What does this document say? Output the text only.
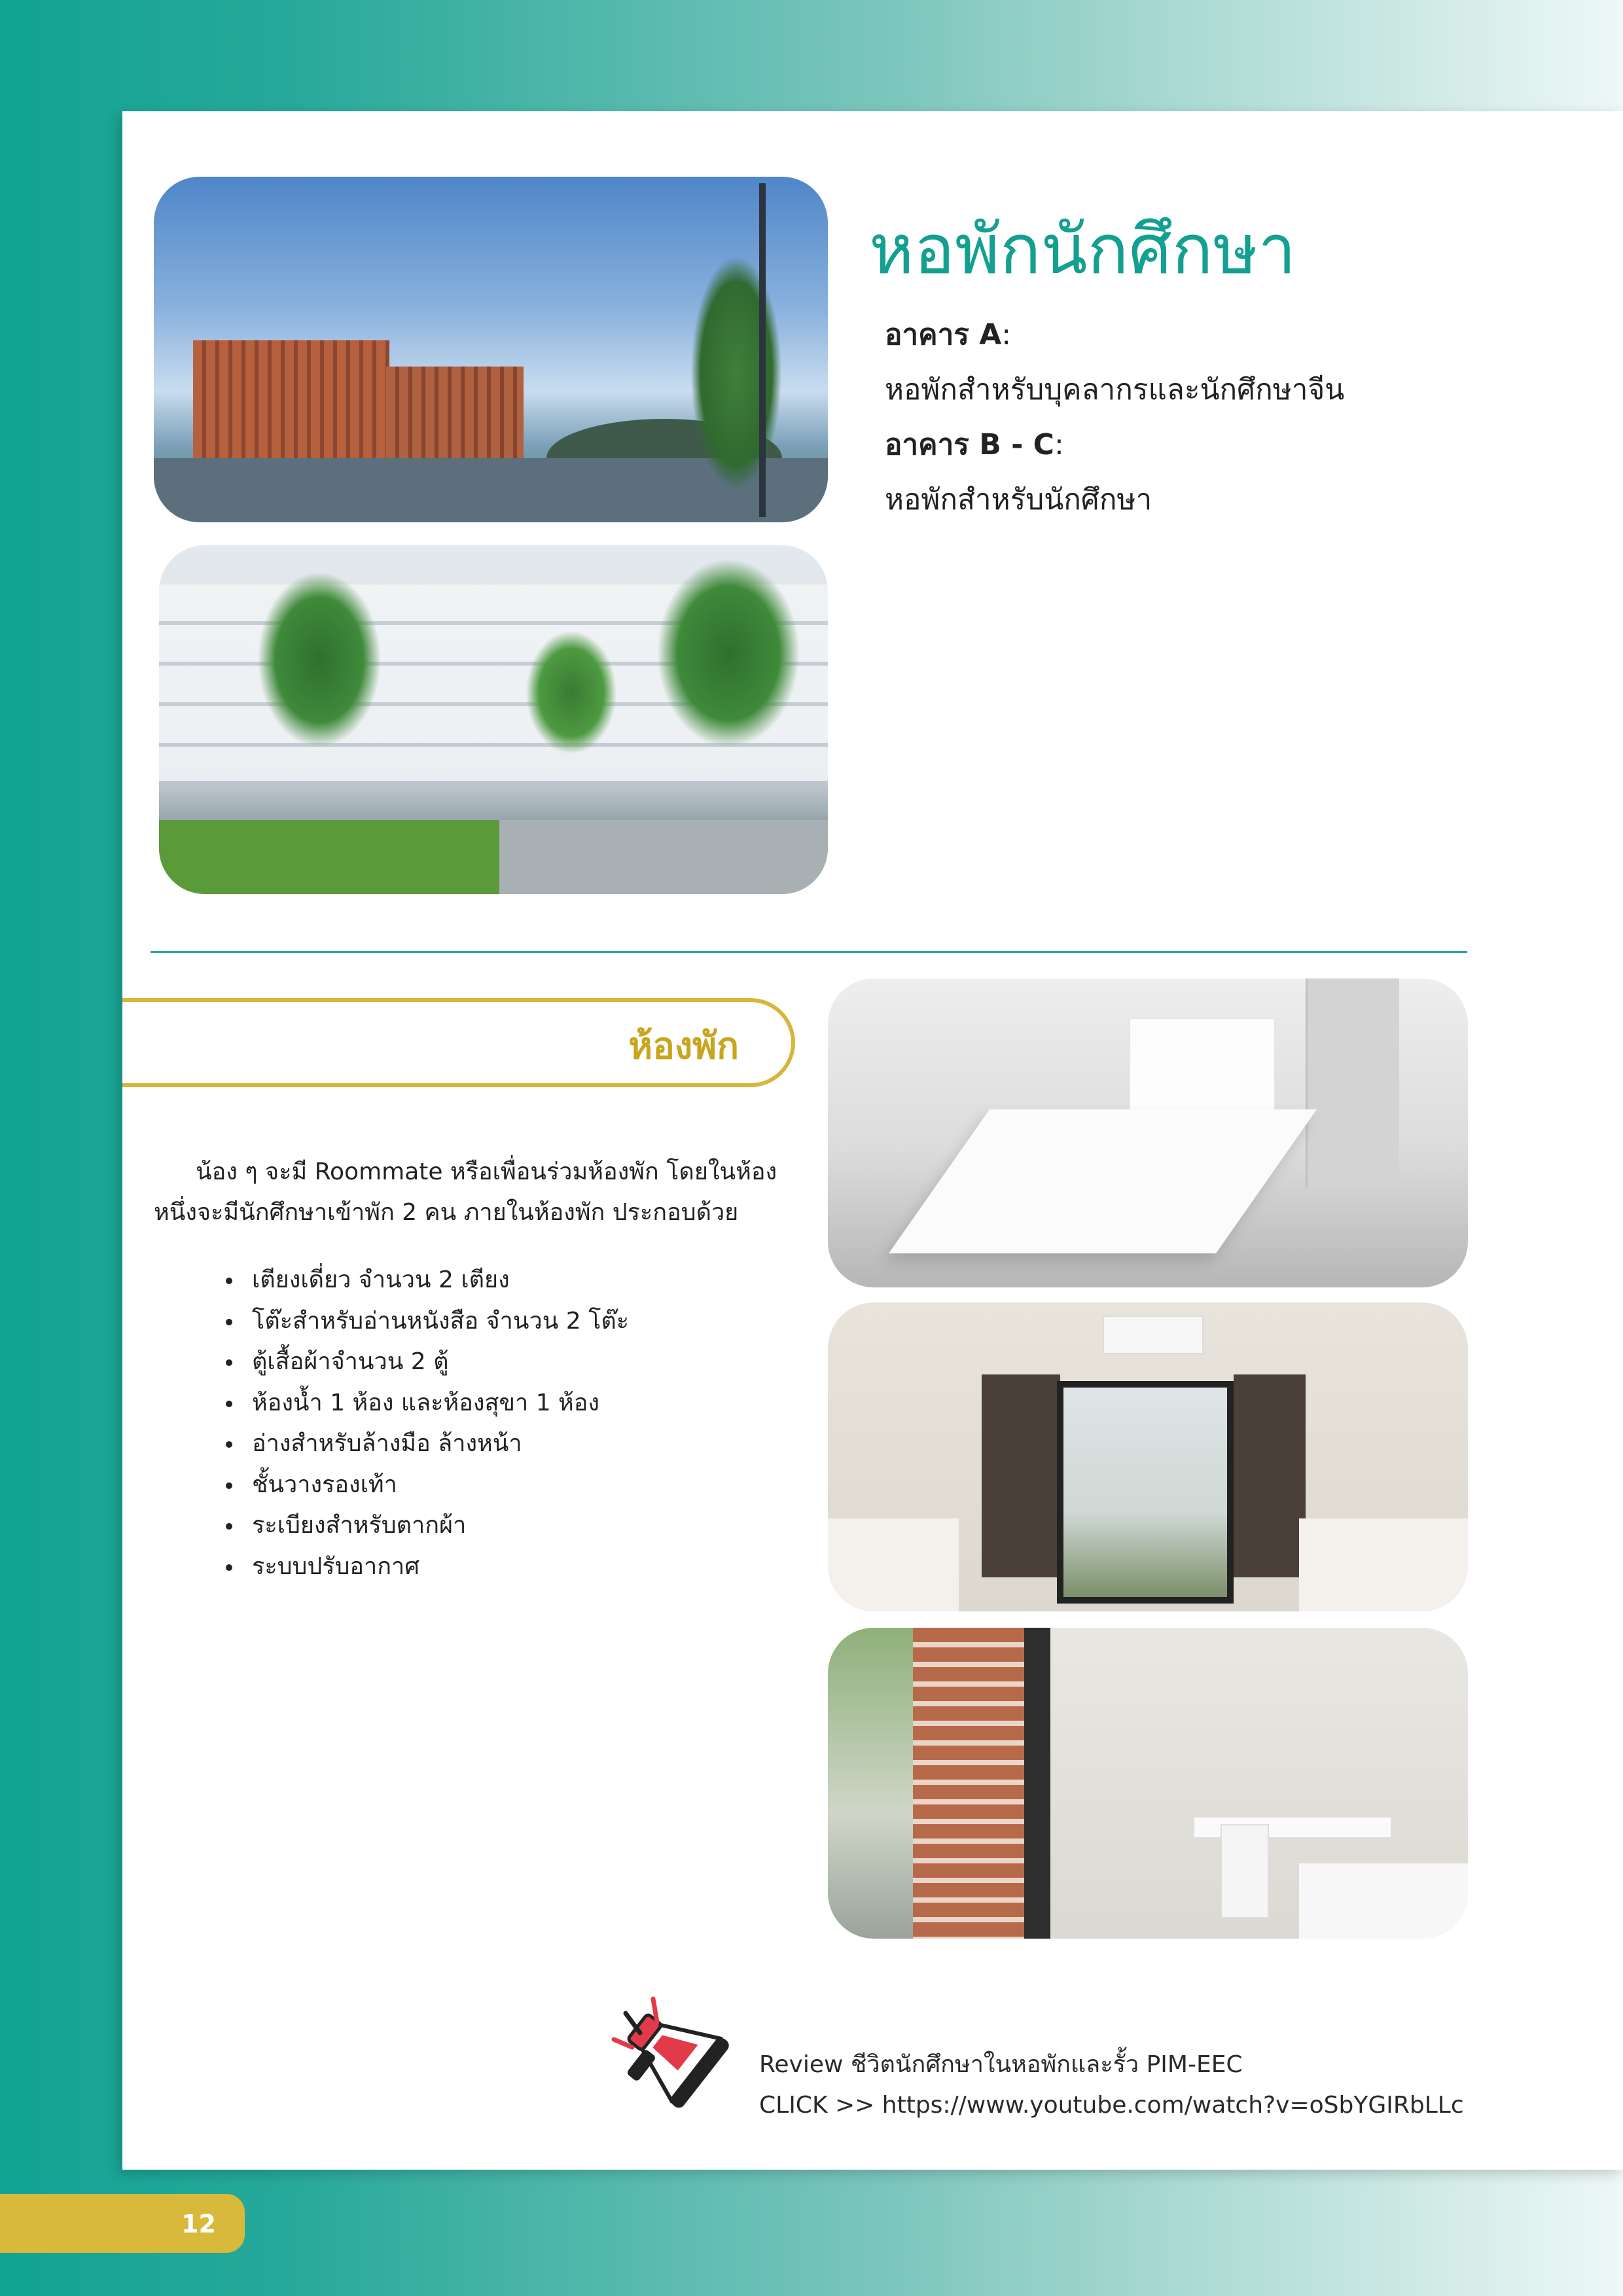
หอพักนักศึกษา
อาคาร A:
หอพักสำหรับบุคลากรและนักศึกษาจีน
อาคาร B - C:
หอพักสำหรับนักศึกษา
ห้องพัก
น้อง ๆ จะมี Roommate หรือเพื่อนร่วมห้องพัก โดยในห้อง
หนึ่งจะมีนักศึกษาเข้าพัก 2 คน ภายในห้องพัก ประกอบด้วย
เตียงเดี่ยว จำนวน 2 เตียง
โต๊ะสำหรับอ่านหนังสือ จำนวน 2 โต๊ะ
ตู้เสื้อผ้าจำนวน 2 ตู้
ห้องน้ำ 1 ห้อง และห้องสุขา 1 ห้อง
อ่างสำหรับล้างมือ ล้างหน้า
ชั้นวางรองเท้า
ระเบียงสำหรับตากผ้า
ระบบปรับอากาศ
Review ชีวิตนักศึกษาในหอพักและรั้ว PIM-EEC
CLICK >> https://www.youtube.com/watch?v=oSbYGIRbLLc
12
